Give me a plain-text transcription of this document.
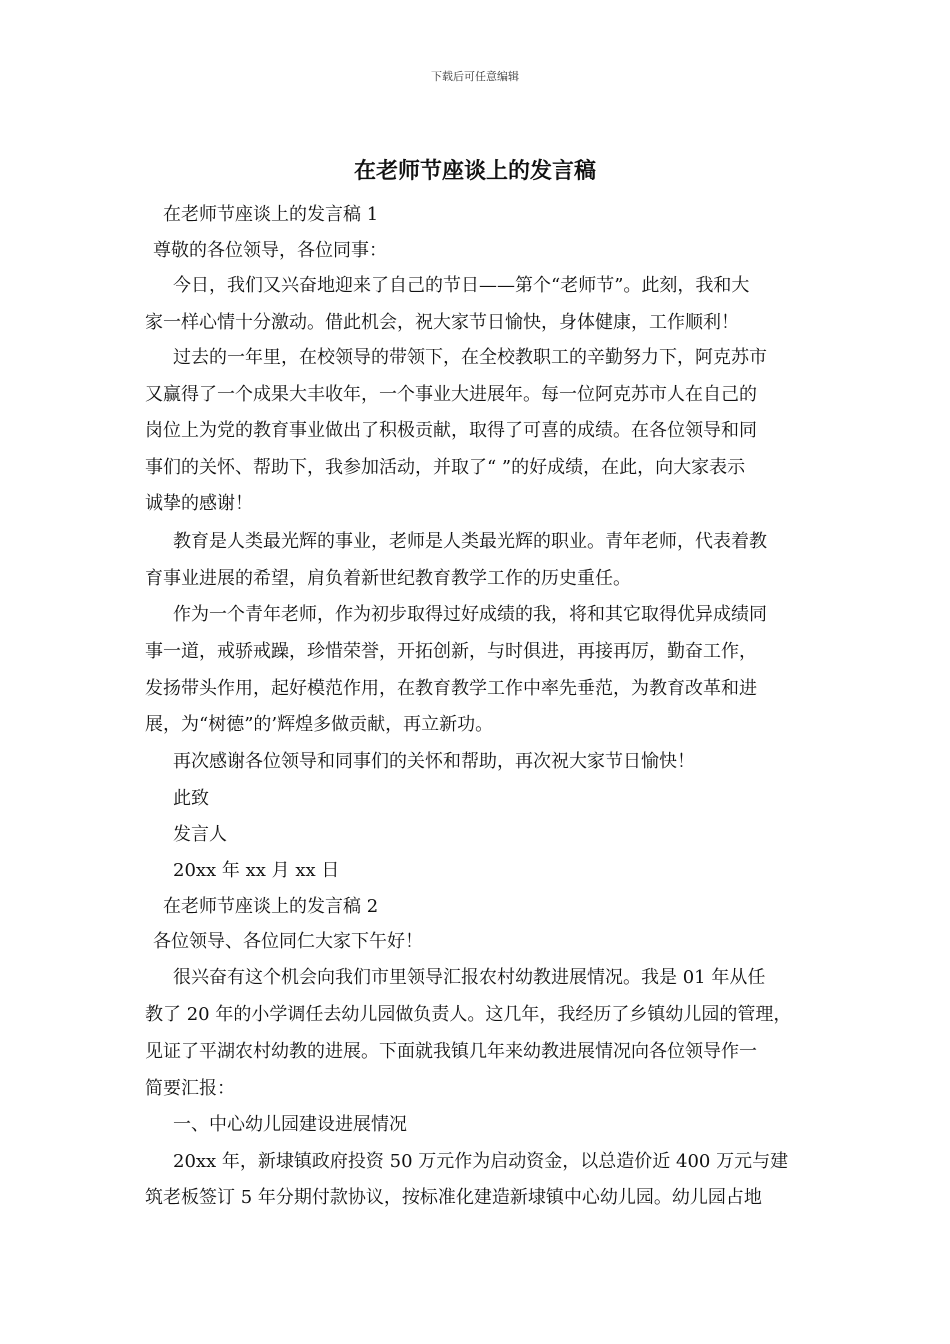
下载后可任意编辑
在老师节座谈上的发言稿
在老师节座谈上的发言稿 1
尊敬的各位领导，各位同事：
今日，我们又兴奋地迎来了自己的节日——第个“老师节”。此刻，我和大
家一样心情十分激动。借此机会，祝大家节日愉快，身体健康，工作顺利！
过去的一年里，在校领导的带领下，在全校教职工的辛勤努力下，阿克苏市
又赢得了一个成果大丰收年，一个事业大进展年。每一位阿克苏市人在自己的
岗位上为党的教育事业做出了积极贡献，取得了可喜的成绩。在各位领导和同
事们的关怀、帮助下，我参加活动，并取了“ ”的好成绩，在此，向大家表示
诚挚的感谢！
教育是人类最光辉的事业，老师是人类最光辉的职业。青年老师，代表着教
育事业进展的希望，肩负着新世纪教育教学工作的历史重任。
作为一个青年老师，作为初步取得过好成绩的我，将和其它取得优异成绩同
事一道，戒骄戒躁，珍惜荣誉，开拓创新，与时俱进，再接再厉，勤奋工作，
发扬带头作用，起好模范作用，在教育教学工作中率先垂范，为教育改革和进
展，为“树德”的’辉煌多做贡献，再立新功。
再次感谢各位领导和同事们的关怀和帮助，再次祝大家节日愉快！
此致
发言人
20xx 年 xx 月 xx 日
在老师节座谈上的发言稿 2
各位领导、各位同仁大家下午好！
很兴奋有这个机会向我们市里领导汇报农村幼教进展情况。我是 01 年从任
教了 20 年的小学调任去幼儿园做负责人。这几年，我经历了乡镇幼儿园的管理，
见证了平湖农村幼教的进展。下面就我镇几年来幼教进展情况向各位领导作一
简要汇报：
一、中心幼儿园建设进展情况
20xx 年，新埭镇政府投资 50 万元作为启动资金，以总造价近 400 万元与建
筑老板签订 5 年分期付款协议，按标准化建造新埭镇中心幼儿园。幼儿园占地
